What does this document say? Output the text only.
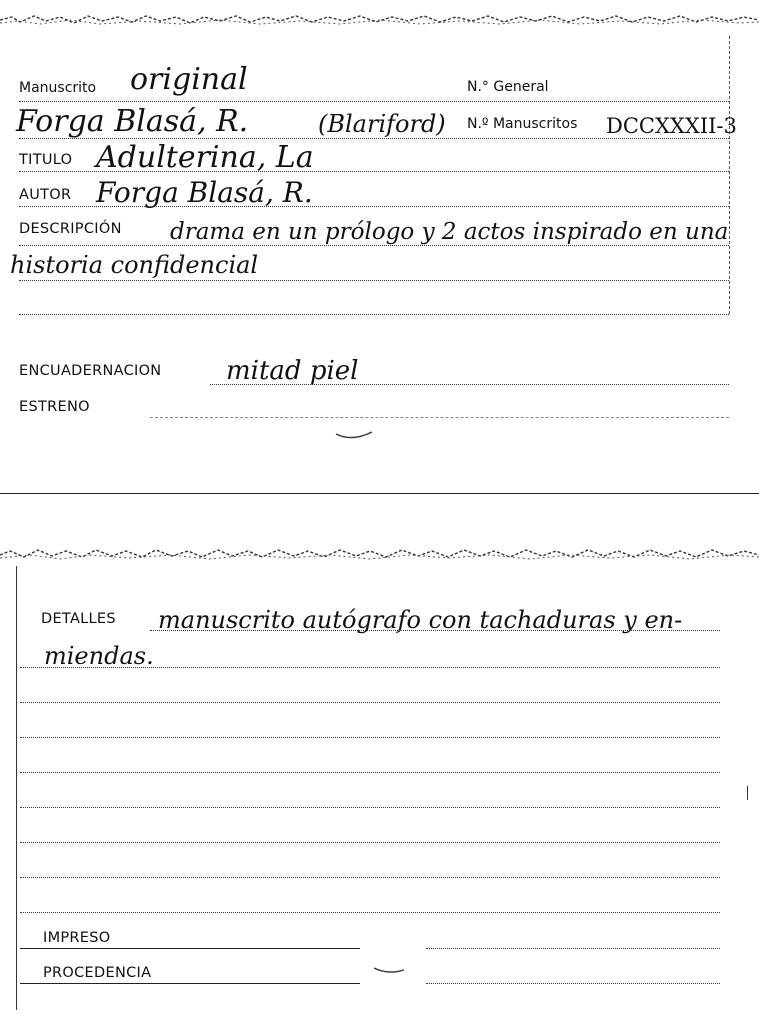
Manuscrito original	N.° General
Forga Blasá, R.	(Blariford) N.º Manuscritos DCCXXXII-3
TITULO Adulterina, La
AUTOR Forga Blasá, R.
DESCRIPCIÓN drama en un prólogo y 2 actos inspirado en una
historia confidencial
ENCUADERNACION mitad piel
ESTRENO
DETALLES manuscrito autógrafo con tachaduras y en-
miendas.
IMPRESO
PROCEDENCIA
